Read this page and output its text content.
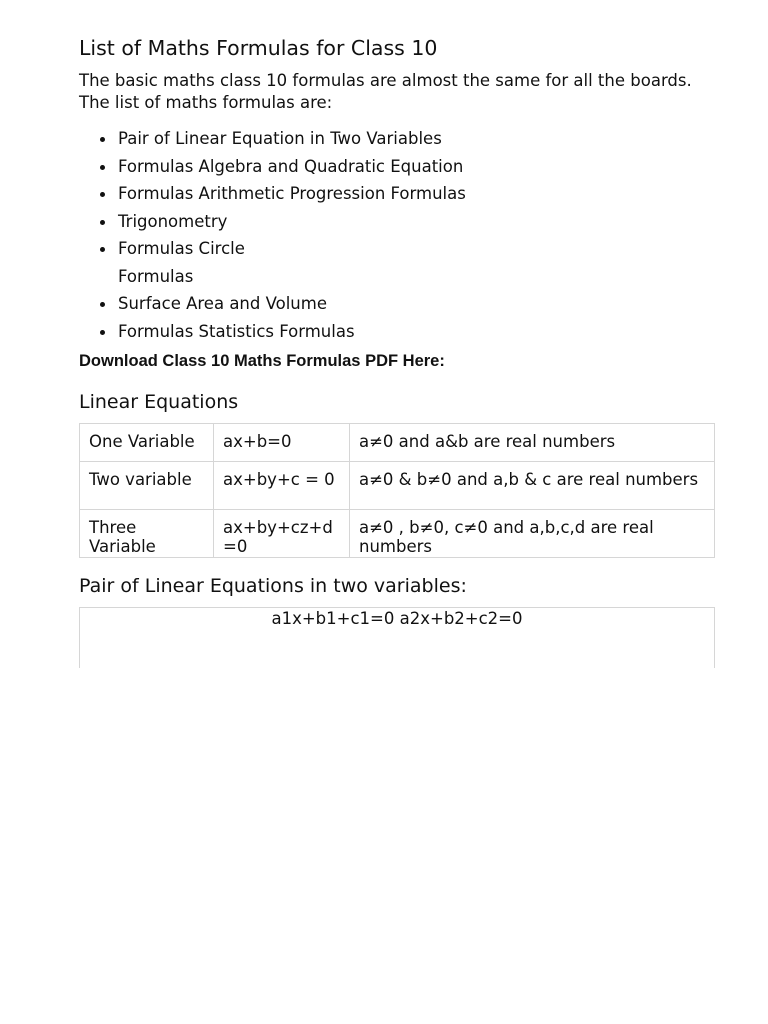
List of Maths Formulas for Class 10

The basic maths class 10 formulas are almost the same for all the boards. The list of maths formulas are:

Pair of Linear Equation in Two Variables
Formulas Algebra and Quadratic Equation
Formulas Arithmetic Progression Formulas
Trigonometry
Formulas Circle
Formulas
Surface Area and Volume
Formulas Statistics Formulas
Download Class 10 Maths Formulas PDF Here:
Linear Equations
One Variable	ax+b=0	a≠0 and a&b are real numbers
Two variable	ax+by+c = 0	a≠0 & b≠0 and a,b & c are real numbers
Three Variable	ax+by+cz+d =0	a≠0 , b≠0, c≠0 and a,b,c,d are real numbers
Pair of Linear Equations in two variables:
a1x+b1+c1=0 a2x+b2+c2=0
